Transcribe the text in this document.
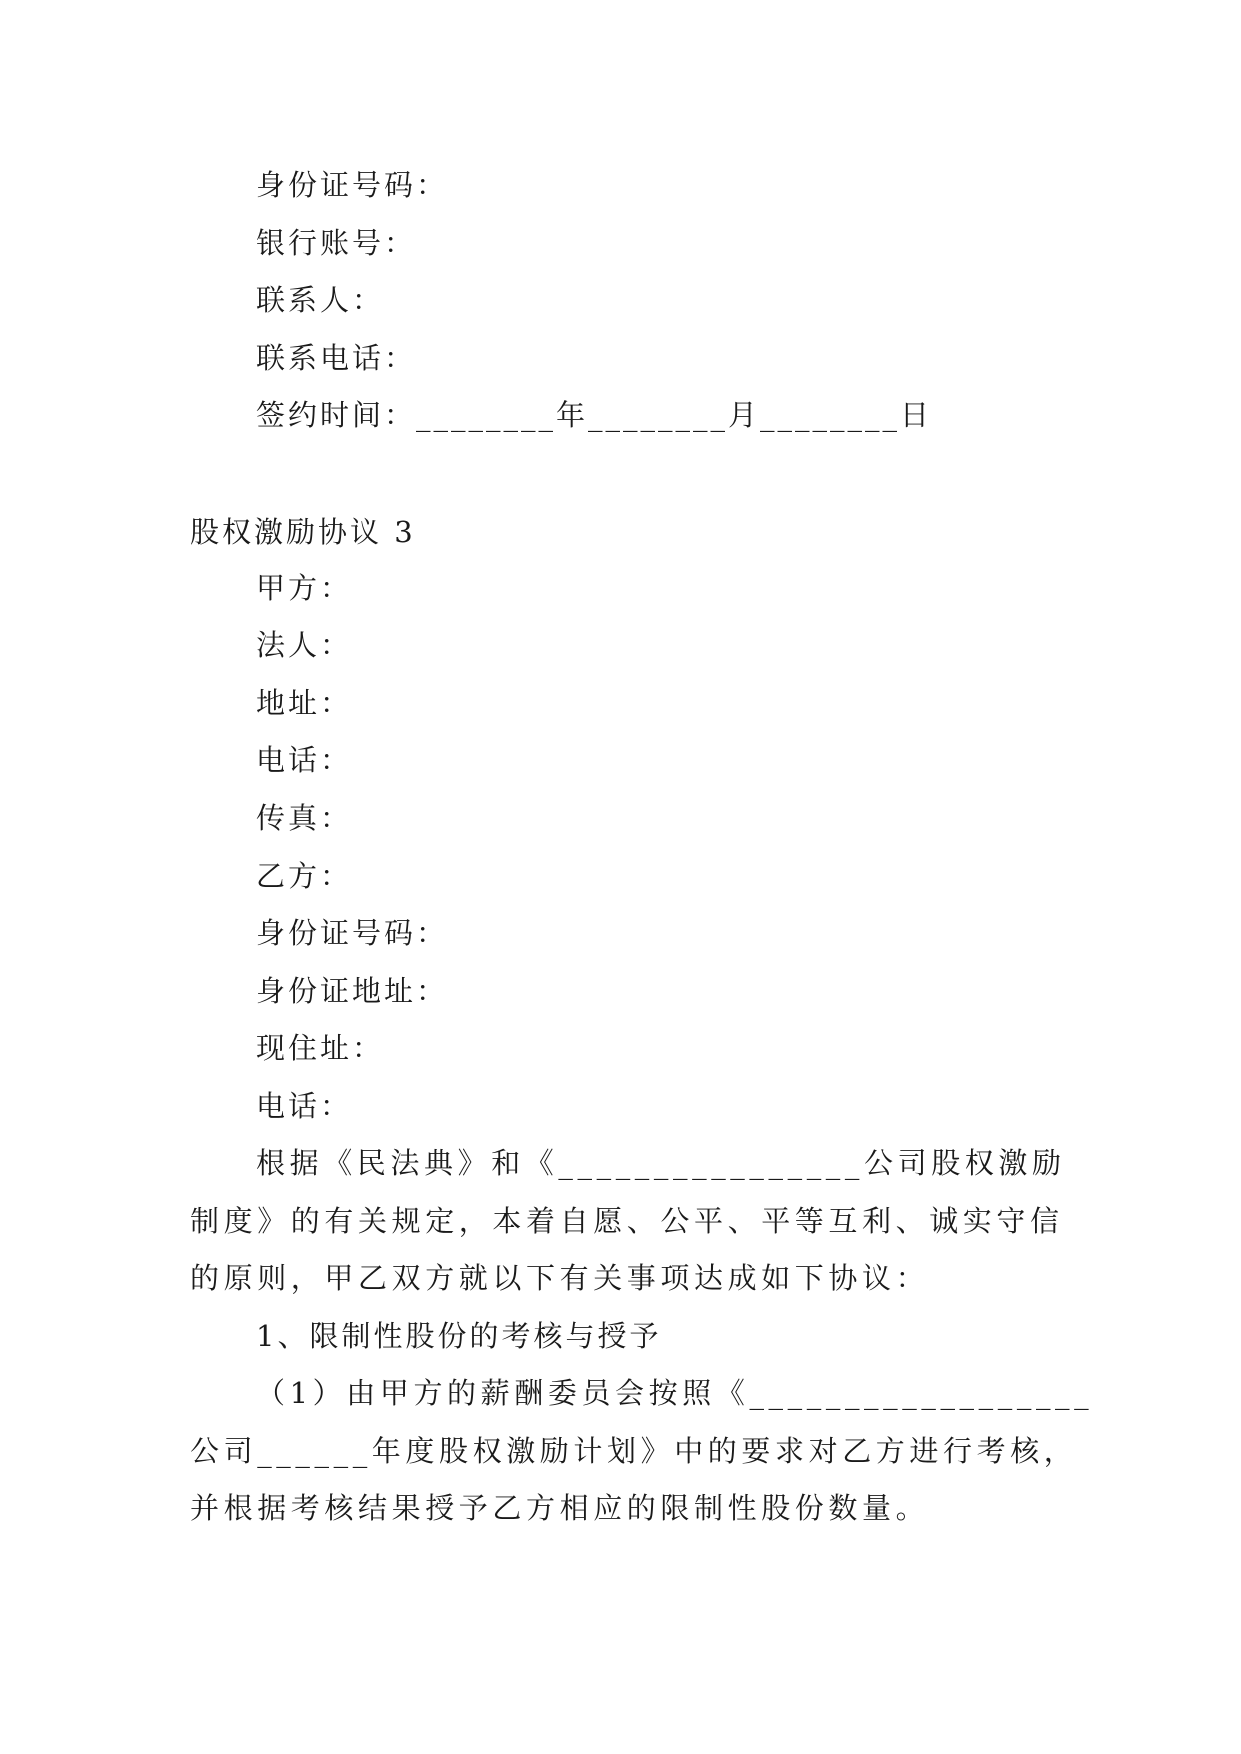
身份证号码：
银行账号：
联系人：
联系电话：
签约时间：________年________月________日
股权激励协议 3
甲方：
法人：
地址：
电话：
传真：
乙方：
身份证号码：
身份证地址：
现住址：
电话：
根据《民法典》和《________________公司股权激励
制度》的有关规定，本着自愿、公平、平等互利、诚实守信
的原则，甲乙双方就以下有关事项达成如下协议：
1、限制性股份的考核与授予
（1）由甲方的薪酬委员会按照《__________________
公司______年度股权激励计划》中的要求对乙方进行考核，
并根据考核结果授予乙方相应的限制性股份数量。
